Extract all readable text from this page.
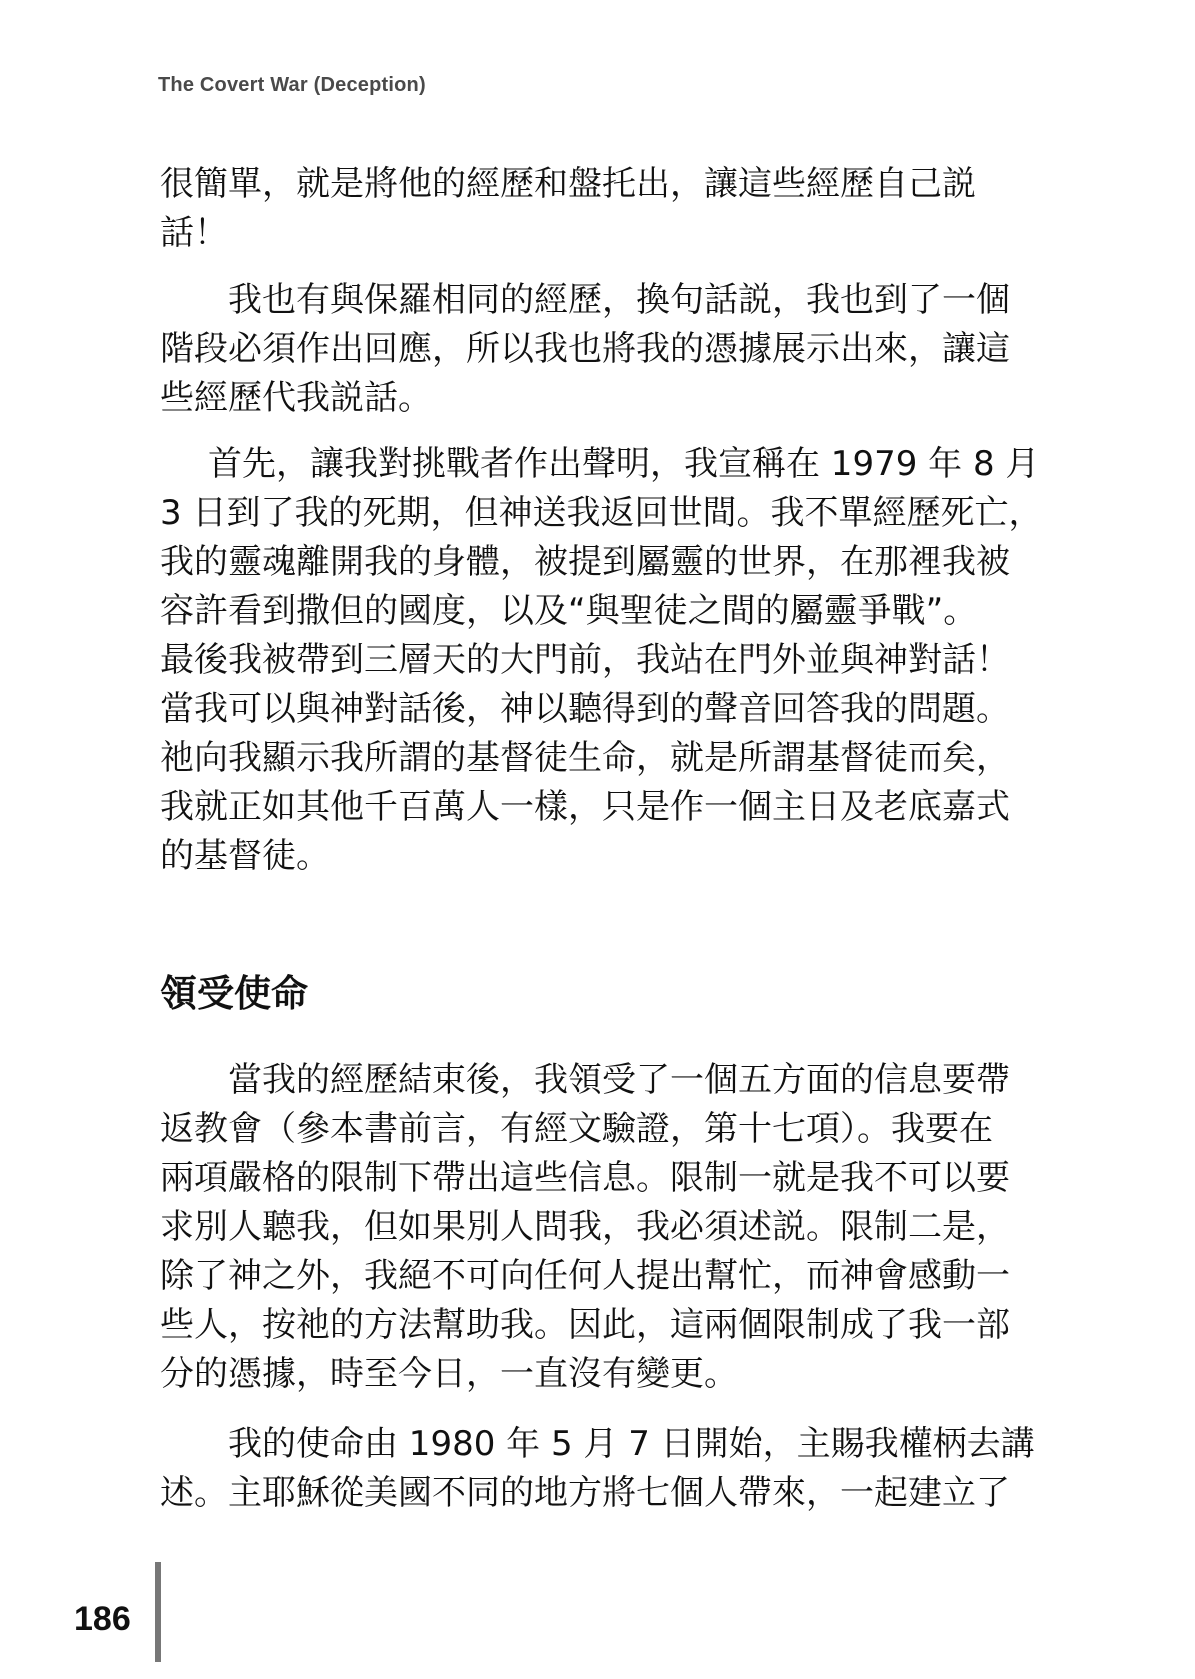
The Covert War (Deception)
很簡單，就是將他的經歷和盤托出，讓這些經歷自己説
話！
我也有與保羅相同的經歷，換句話説，我也到了一個
階段必須作出回應，所以我也將我的憑據展示出來，讓這
些經歷代我説話。
首先，讓我對挑戰者作出聲明，我宣稱在 1979 年 8 月
3 日到了我的死期，但神送我返回世間。我不單經歷死亡，
我的靈魂離開我的身體，被提到屬靈的世界，在那裡我被
容許看到撒但的國度，以及“與聖徒之間的屬靈爭戰”。
最後我被帶到三層天的大門前，我站在門外並與神對話！
當我可以與神對話後，神以聽得到的聲音回答我的問題。
祂向我顯示我所謂的基督徒生命，就是所謂基督徒而矣，
我就正如其他千百萬人一樣，只是作一個主日及老底嘉式
的基督徒。
領受使命
當我的經歷結束後，我領受了一個五方面的信息要帶
返教會（參本書前言，有經文驗證，第十七項）。我要在
兩項嚴格的限制下帶出這些信息。限制一就是我不可以要
求別人聽我，但如果別人問我，我必須述説。限制二是，
除了神之外，我絕不可向任何人提出幫忙，而神會感動一
些人，按祂的方法幫助我。因此，這兩個限制成了我一部
分的憑據，時至今日，一直沒有變更。
我的使命由 1980 年 5 月 7 日開始，主賜我權柄去講
述。主耶穌從美國不同的地方將七個人帶來，一起建立了
186
